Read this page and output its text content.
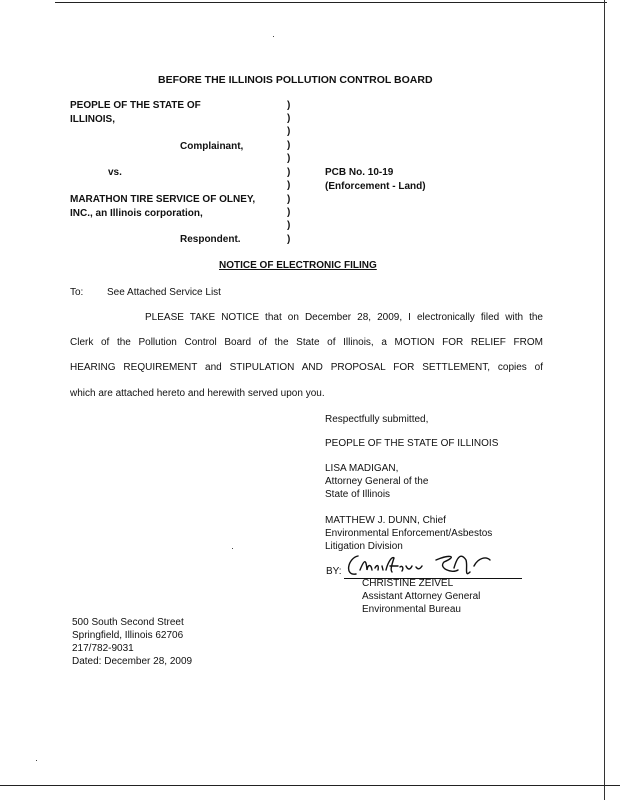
BEFORE THE ILLINOIS POLLUTION CONTROL BOARD
PEOPLE OF THE STATE OF
ILLINOIS,
Complainant,
vs.
MARATHON TIRE SERVICE OF OLNEY,
INC., an Illinois corporation,
Respondent.
)
)
)
)
)
)
)
)
)
)
)
PCB No. 10-19
(Enforcement - Land)
NOTICE OF ELECTRONIC FILING
To: See Attached Service List
PLEASE TAKE NOTICE that on December 28, 2009, I electronically filed with the
Clerk of the Pollution Control Board of the State of Illinois, a MOTION FOR RELIEF FROM
HEARING REQUIREMENT and STIPULATION AND PROPOSAL FOR SETTLEMENT, copies of
which are attached hereto and herewith served upon you.
Respectfully submitted,
PEOPLE OF THE STATE OF ILLINOIS
LISA MADIGAN,
Attorney General of the
State of Illinois
MATTHEW J. DUNN, Chief
Environmental Enforcement/Asbestos
Litigation Division
BY:
CHRISTINE ZEIVEL
Assistant Attorney General
Environmental Bureau
500 South Second Street
Springfield, Illinois 62706
217/782-9031
Dated: December 28, 2009
